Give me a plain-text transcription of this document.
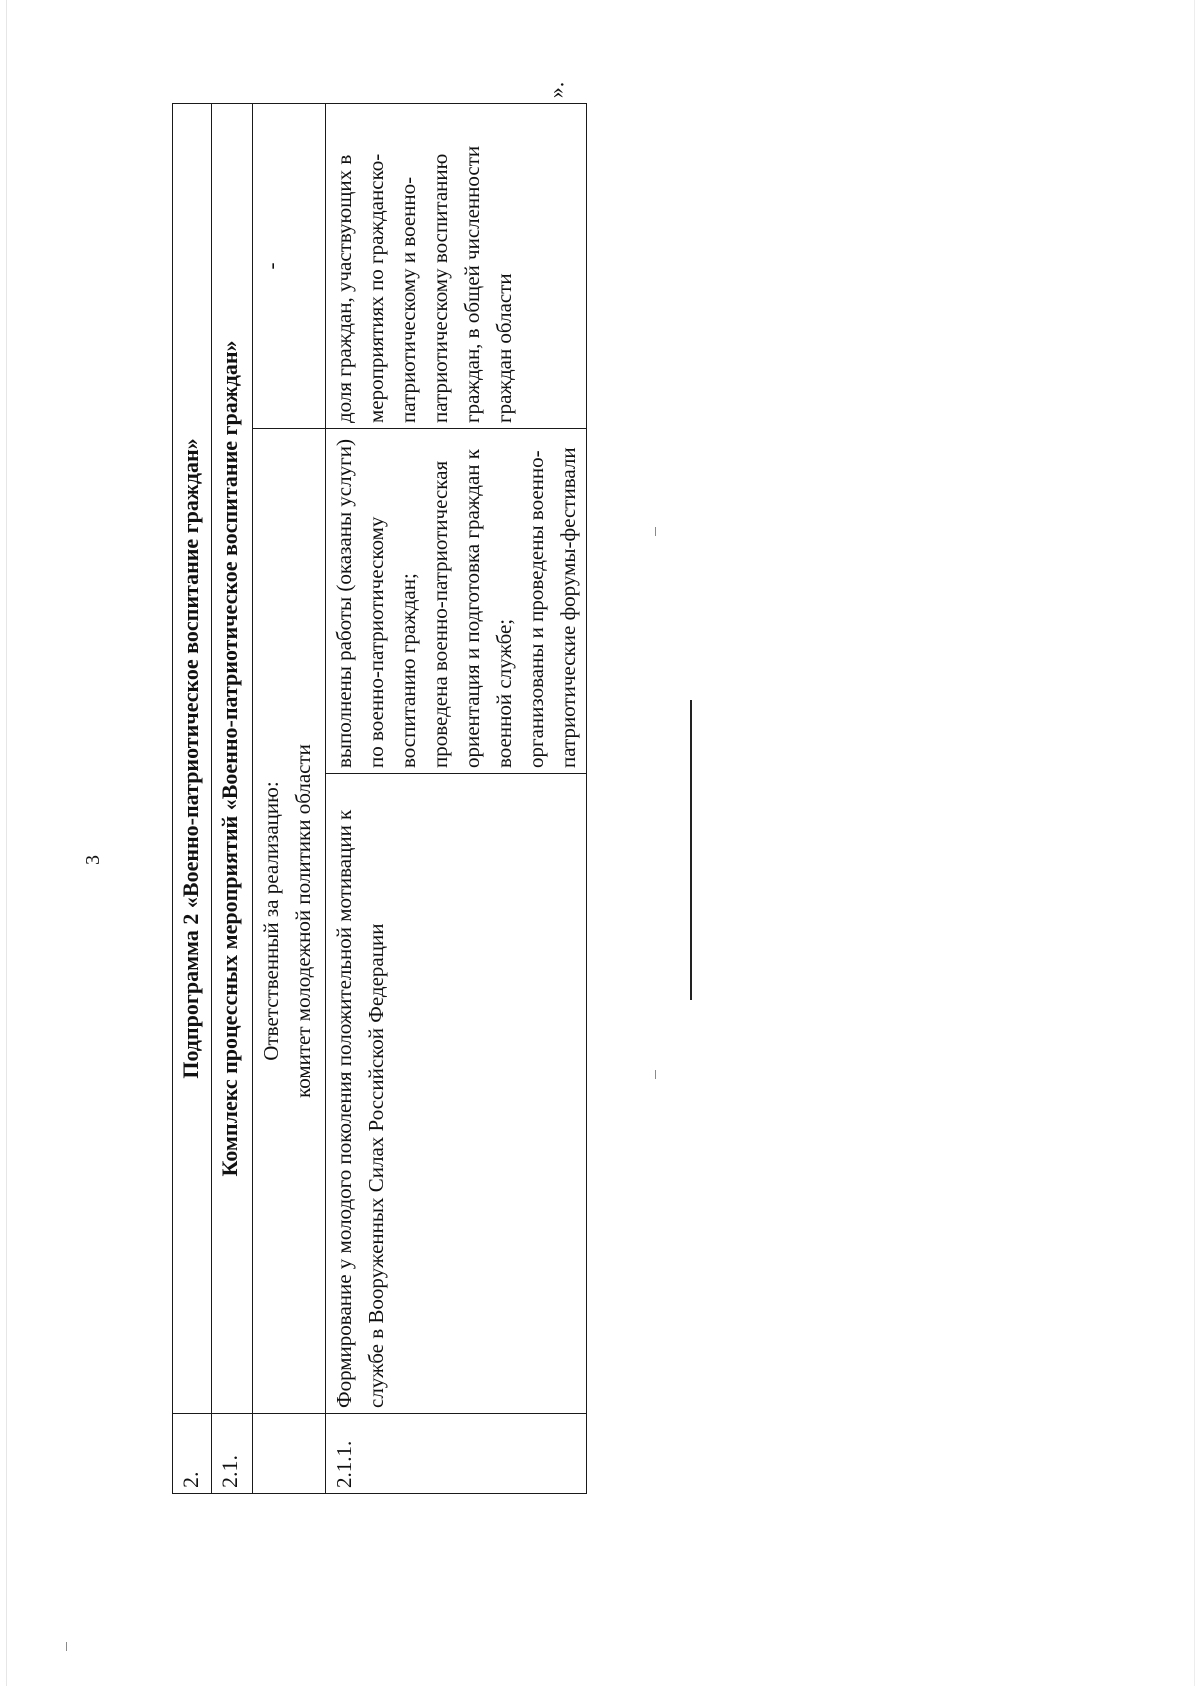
3
2.	Подпрограмма 2 «Военно-патриотическое воспитание граждан»		
2.1.	Комплекс процессных мероприятий «Военно-патриотическое воспитание граждан»		

	Ответственный за реализацию: комитет молодежной политики области		-
2.1.1.	Формирование у молодого поколения положительной мотивации к службе в Вооруженных Силах Российской Федерации	выполнены работы (оказаны услуги) по военно-патриотическому воспитанию граждан; проведена военно-патриотическая ориентация и подготовка граждан к военной службе; организованы и проведены военно-патриотические форумы-фестивали	доля граждан, участвующих в мероприятиях по гражданско-патриотическому и военно-патриотическому воспитанию граждан, в общей численности граждан области
».
